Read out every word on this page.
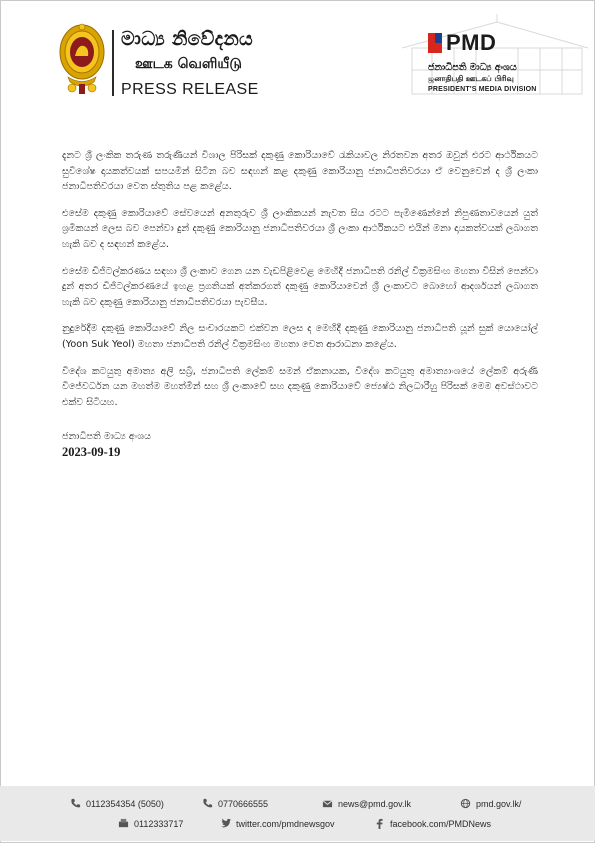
මාධ්‍ය නිවේදනය
ஊடக வெளியீடு
PRESS RELEASE
PMD
ජනාධිපති මාධ්‍ය අංශය
ஜனாதிபதி ஊடகப் பிரிவு
PRESIDENT'S MEDIA DIVISION

දැනට ශ්‍රී ලංකික තරුණ තරුණියන් විශාල පිරිසක් දකුණු කොරියාවේ රැකියාවල නිරතවන අතර ඔවුන් එරට ආර්ථිකයට සුවිශේෂ දායකත්වයක් සපයමින් සිටින බව සඳහන් කළ දකුණු කොරියානු ජනාධිපතිවරයා ඒ වෙනුවෙන් ද ශ්‍රී ලංකා ජනාධිපතිවරයා වෙත ස්තුතිය පළ කළේය.

එසේම දකුණු කොරියාවේ සේවයෙන් අනතුරුව ශ්‍රී ලාංකිකයන් නැවත සිය රටට පැමිණෙන්නේ නිපුණතාවයෙන් යුත් ශ්‍රමිකයන් ලෙස බව පෙන්වා දුන් දකුණු කොරියානු ජනාධිපතිවරයා ශ්‍රී ලංකා ආර්ථිකයට එයින් මනා දායකත්වයක් ලබාගත හැකි බව ද සඳහන් කළේය.

එසේම ඩිජිටල්කරණය සඳහා ශ්‍රී ලංකාව ගෙන යන වැඩපිළිවෙළ මෙහිදී ජනාධිපති රනිල් වික්‍රමසිංහ මහතා විසින් පෙන්වා දුන් අතර ඩිජිටල්කරණයේ ඉහළ ප්‍රගතියක් අත්කරගත් දකුණු කොරියාවෙන් ශ්‍රී ලංකාවට බොහෝ ආදර්ශයන් ලබාගත හැකි බව දකුණු කොරියානු ජනාධිපතිවරයා පැවසීය.

නුදුරේදීම දකුණු කොරියාවේ නිල සංචාරයකට එක්වන ලෙස ද මෙහිදී දකුණු කොරියානු ජනාධිපති යූන් සුක් යොයෝල් (Yoon Suk Yeol) මහතා ජනාධිපති රනිල් වික්‍රමසිංහ මහතා වෙත ආරාධනා කළේය.

විදේශ කටයුතු අමාත්‍ය අලි සබ්‍රි, ජනාධිපති ලේකම් සමන් ඒකනායක, විදේශ කටයුතු අමාත්‍යාංශයේ ලේකම් අරුණි විජේවර්ධන යන මහත්ම මහත්මීන් සහ ශ්‍රී ලංකාවේ සහ දකුණු කොරියාවේ ජ්‍යෙෂ්ඨ නිලධාරීහු පිරිසක් මෙම අවස්ථාවට එක්ව සිටියහ.

ජනාධිපති මාධ්‍ය අංශය
2023-09-19
0112354354 (5050)	0770666555	news@pmd.gov.lk	pmd.gov.lk/
0112333717	twitter.com/pmdnewsgov	facebook.com/PMDNews
